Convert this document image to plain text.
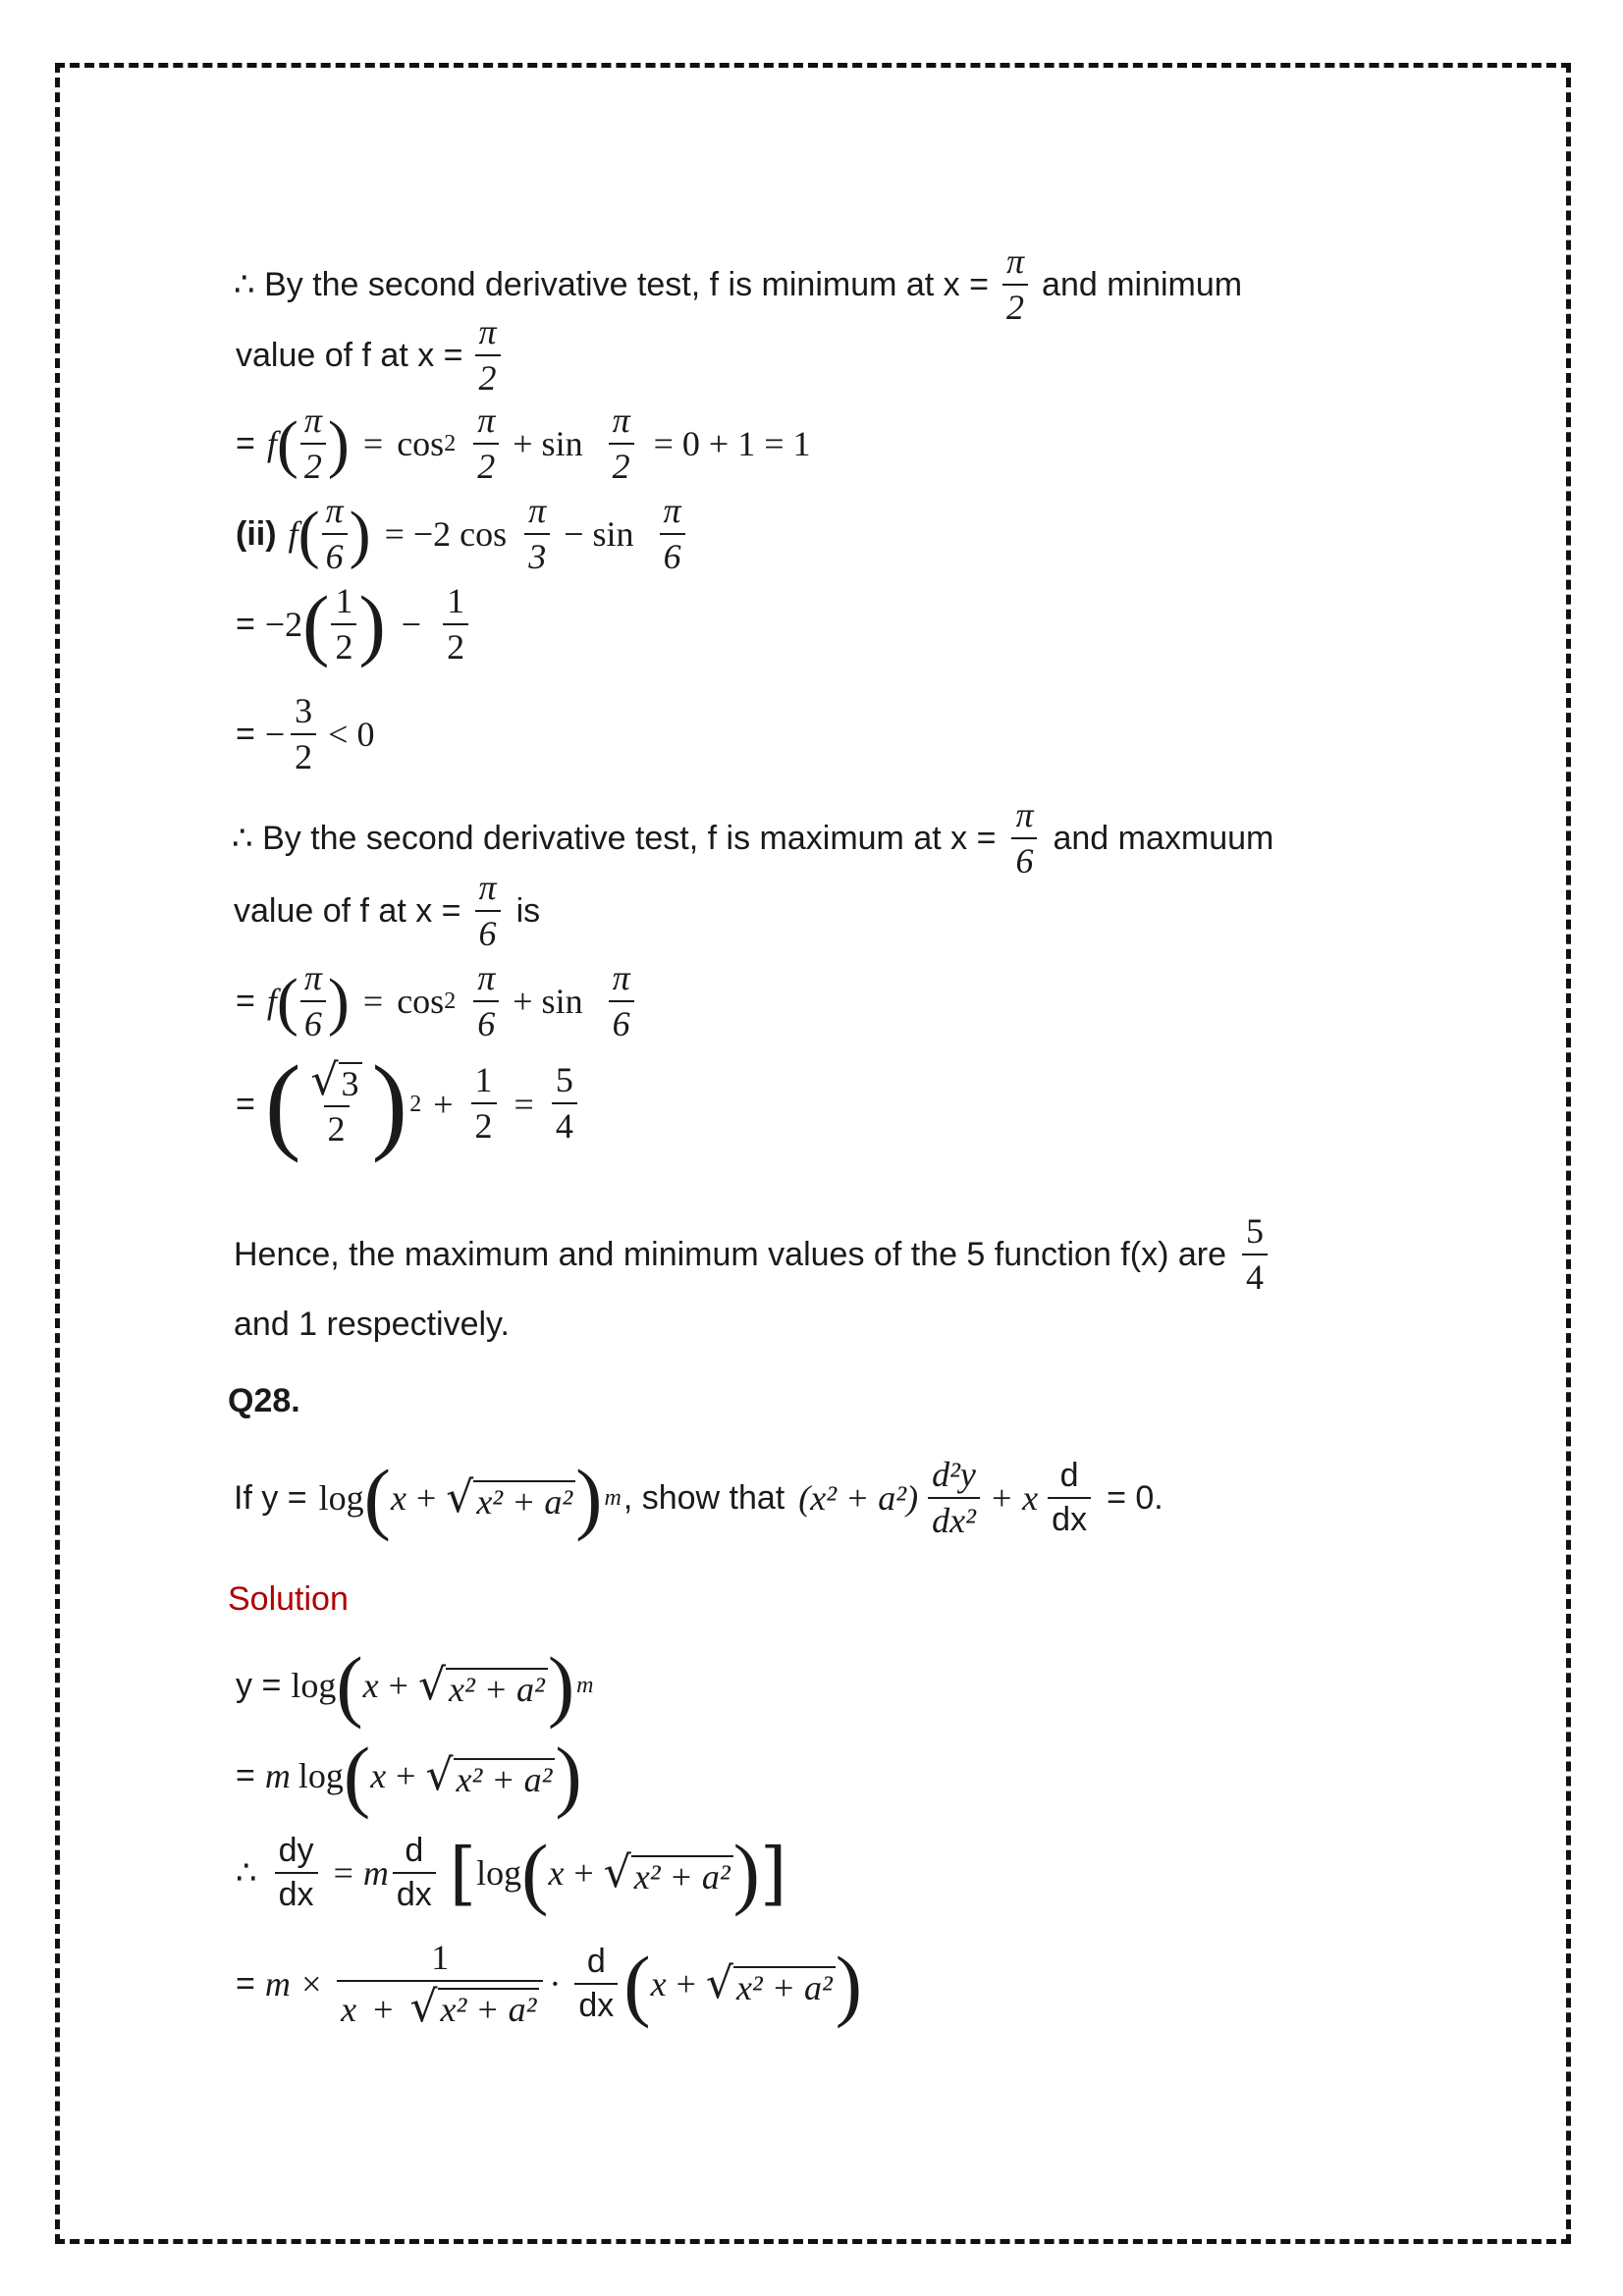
∴ By the second derivative test, f is minimum at $x = \frac{\pi}{2}$ and minimum
value of f at $x = \frac{\pi}{2}$
= f ( $\frac{\pi}{2}$ ) = $\cos 2 \frac{\pi}{2} + \sin \frac{\pi}{2} = 0 + 1 = 1$
(ii) f ( $\frac{\pi}{6}$ ) = −2 $\cos \frac{\pi}{3} - \sin \frac{\pi}{6}$
= −2 ( $\frac{1}{2}$ ) − $\frac{1}{2}$
= − $\frac{3}{2} < 0$
∴ By the second derivative test, f is maximum at $x = \frac{\pi}{6}$ and maxmuum
value of f at $x = \frac{\pi}{6}$ is
= f ( $\frac{\pi}{6}$ ) = $\cos 2 \frac{\pi}{6} + \sin \frac{\pi}{6}$
= ( $\frac{√ 3}{2}$ ) $2 + \frac{1}{2} = \frac{5}{4}$
Hence, the maximum and minimum values of the 5 function f(x) are $\frac{5}{4}$
and 1 respectively.
Q28.
If y = log ( x + √ x² + a² ) m , show that $(x^2 + a^2) \frac{\text{d²y}}{\text{dx²}} + x \frac{d}{dx} = 0$.
Solution
y = log ( x + √ x² + a² ) m
= m log ( x + √ x² + a² )
∴ $\frac{dy}{dx} = m \frac{d}{dx}$ [ log ( x + √ x² + a² ) ]
= $m \times \frac{1}{\text{x + √ x² + a²}} \cdot \frac{d}{dx}$ ( x + √ x² + a² )
